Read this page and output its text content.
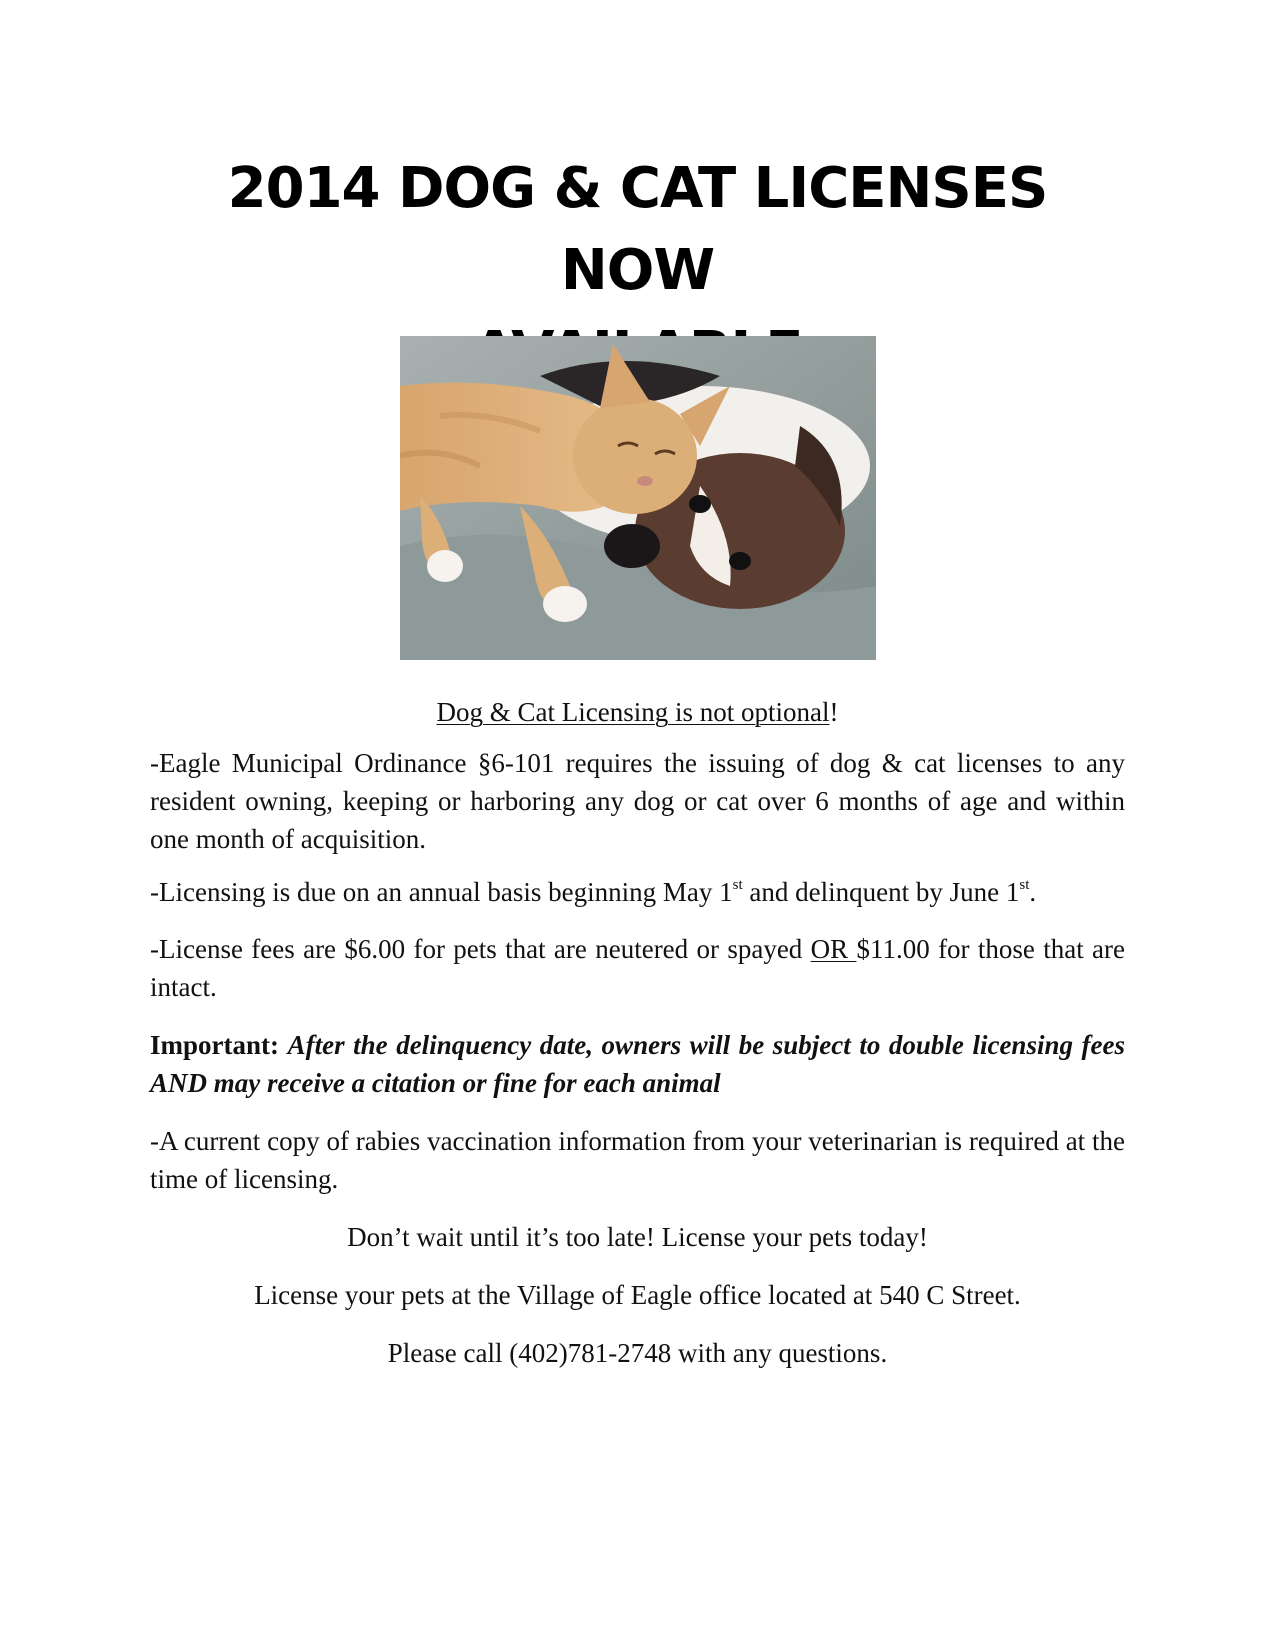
2014 DOG & CAT LICENSES NOW
Dog & Cat Licensing is not optional!

-Eagle Municipal Ordinance §6-101 requires the issuing of dog & cat licenses to any resident owning, keeping or harboring any dog or cat over 6 months of age and within one month of acquisition.

-Licensing is due on an annual basis beginning May 1st and delinquent by June 1st.

-License fees are $6.00 for pets that are neutered or spayed OR $11.00 for those that are intact.

Important: After the delinquency date, owners will be subject to double licensing fees AND may receive a citation or fine for each animal

-A current copy of rabies vaccination information from your veterinarian is required at the time of licensing.

Don’t wait until it’s too late! License your pets today!

License your pets at the Village of Eagle office located at 540 C Street.

Please call (402)781-2748 with any questions.
